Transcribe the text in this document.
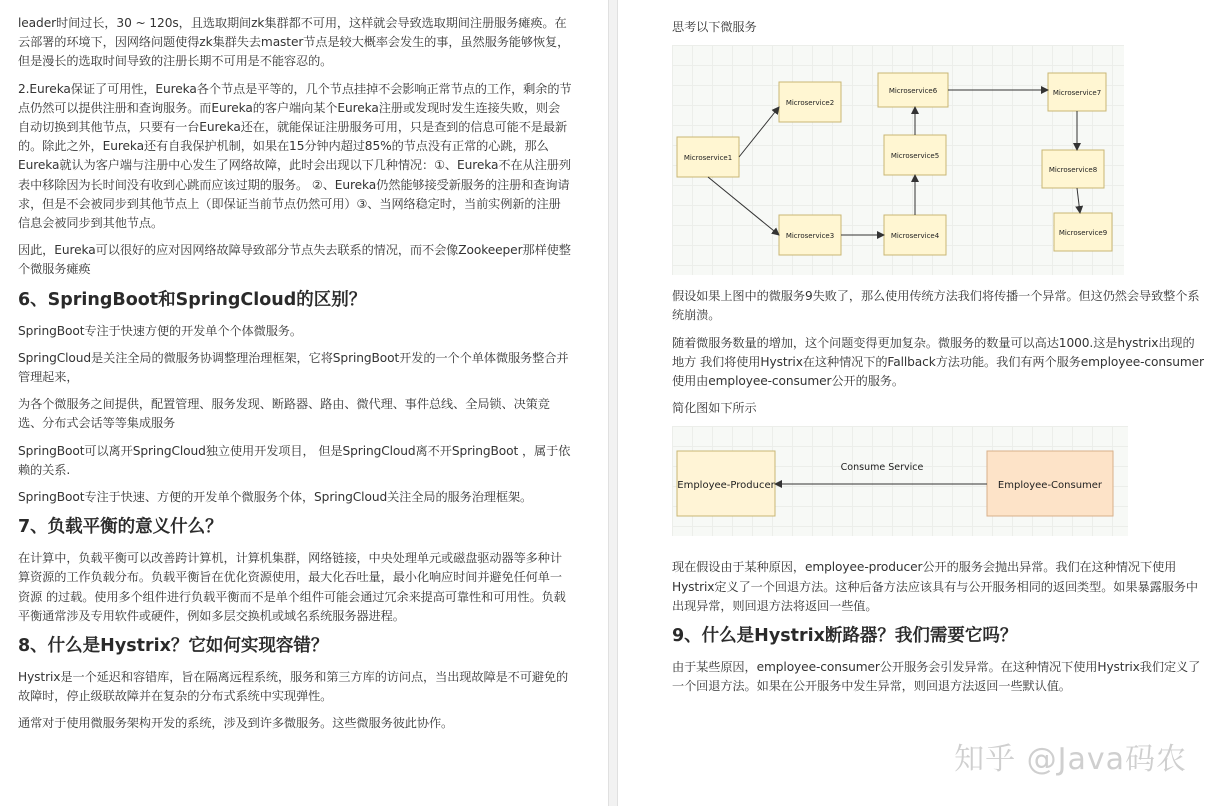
leader时间过长，30 ~ 120s，且选取期间zk集群都不可用，这样就会导致选取期间注册服务瘫痪。在云部署的环境下，因网络问题使得zk集群失去master节点是较大概率会发生的事，虽然服务能够恢复，但是漫长的选取时间导致的注册长期不可用是不能容忍的。

2.Eureka保证了可用性，Eureka各个节点是平等的，几个节点挂掉不会影响正常节点的工作，剩余的节点仍然可以提供注册和查询服务。而Eureka的客户端向某个Eureka注册或发现时发生连接失败，则会自动切换到其他节点，只要有一台Eureka还在，就能保证注册服务可用，只是查到的信息可能不是最新的。除此之外，Eureka还有自我保护机制，如果在15分钟内超过85%的节点没有正常的心跳，那么Eureka就认为客户端与注册中心发生了网络故障，此时会出现以下几种情况：①、Eureka不在从注册列表中移除因为长时间没有收到心跳而应该过期的服务。 ②、Eureka仍然能够接受新服务的注册和查询请求，但是不会被同步到其他节点上（即保证当前节点仍然可用）③、当网络稳定时，当前实例新的注册信息会被同步到其他节点。

因此，Eureka可以很好的应对因网络故障导致部分节点失去联系的情况，而不会像Zookeeper那样使整个微服务瘫痪

6、SpringBoot和SpringCloud的区别？

SpringBoot专注于快速方便的开发单个个体微服务。

SpringCloud是关注全局的微服务协调整理治理框架，它将SpringBoot开发的一个个单体微服务整合并管理起来，

为各个微服务之间提供，配置管理、服务发现、断路器、路由、微代理、事件总线、全局锁、决策竞选、分布式会话等等集成服务

SpringBoot可以离开SpringCloud独立使用开发项目， 但是SpringCloud离不开SpringBoot ，属于依赖的关系.

SpringBoot专注于快速、方便的开发单个微服务个体，SpringCloud关注全局的服务治理框架。

7、负载平衡的意义什么？

在计算中，负载平衡可以改善跨计算机，计算机集群，网络链接，中央处理单元或磁盘驱动器等多种计算资源的工作负载分布。负载平衡旨在优化资源使用，最大化吞吐量，最小化响应时间并避免任何单一资源 的过载。使用多个组件进行负载平衡而不是单个组件可能会通过冗余来提高可靠性和可用性。负载平衡通常涉及专用软件或硬件，例如多层交换机或域名系统服务器进程。

8、什么是Hystrix？它如何实现容错？

Hystrix是一个延迟和容错库，旨在隔离远程系统，服务和第三方库的访问点，当出现故障是不可避免的故障时，停止级联故障并在复杂的分布式系统中实现弹性。

通常对于使用微服务架构开发的系统，涉及到许多微服务。这些微服务彼此协作。

思考以下微服务

Microservice1
Microservice2
Microservice3	Microservice4
Microservice5
Microservice6	Microservice7
Microservice8
Microservice9

假设如果上图中的微服务9失败了，那么使用传统方法我们将传播一个异常。但这仍然会导致整个系统崩溃。

随着微服务数量的增加，这个问题变得更加复杂。微服务的数量可以高达1000.这是hystrix出现的地方 我们将使用Hystrix在这种情况下的Fallback方法功能。我们有两个服务employee-consumer使用由employee-consumer公开的服务。

简化图如下所示

Employee-Producer	Employee-Consumer
Consume Service

现在假设由于某种原因，employee-producer公开的服务会抛出异常。我们在这种情况下使用Hystrix定义了一个回退方法。这种后备方法应该具有与公开服务相同的返回类型。如果暴露服务中出现异常，则回退方法将返回一些值。

9、什么是Hystrix断路器？我们需要它吗？

由于某些原因，employee-consumer公开服务会引发异常。在这种情况下使用Hystrix我们定义了一个回退方法。如果在公开服务中发生异常，则回退方法返回一些默认值。

知乎 @Java码农
